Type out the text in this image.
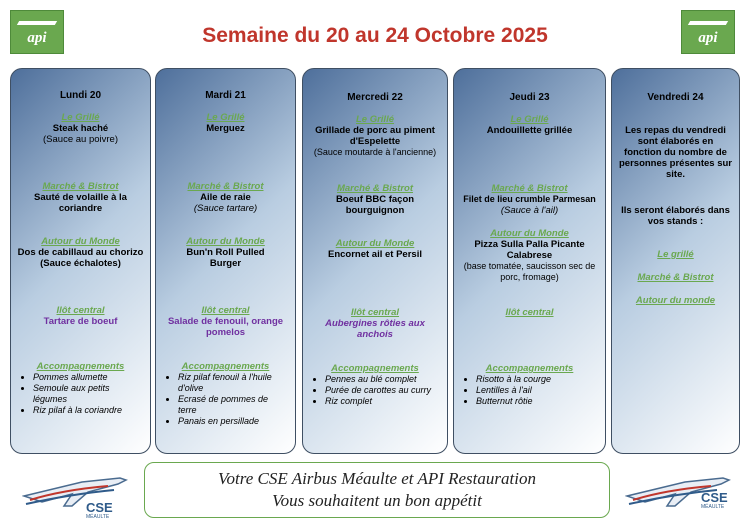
api	api
Semaine du 20 au 24 Octobre 2025
Lundi 20
Le Grillé
Steak haché
(Sauce au poivre)
Marché & Bistrot
Sauté de volaille à la coriandre
Autour du Monde
Dos de cabillaud au chorizo
(Sauce échalotes)
Ilôt central
Tartare de boeuf
Accompagnements
• Pommes allumette
• Semoule aux petits légumes
• Riz pilaf à la coriandre
Mardi 21
Le Grillé
Merguez
Marché & Bistrot
Aile de raie
(Sauce tartare)
Autour du Monde
Bun'n Roll Pulled Burger
Ilôt central
Salade de fenouil, orange pomelos
Accompagnements
• Riz pilaf fenouil à l'huile d'olive
• Ecrasé de pommes de terre
• Panais en persillade
Mercredi 22
Le Grillé
Grillade de porc au piment d'Espelette
(Sauce moutarde à l'ancienne)
Marché & Bistrot
Boeuf BBC façon bourguignon
Autour du Monde
Encornet ail et Persil
Ilôt central
Aubergines rôties aux anchois
Accompagnements
• Pennes au blé complet
• Purée de carottes au curry
• Riz complet
Jeudi 23
Le Grillé
Andouillette grillée
Marché & Bistrot
Filet de lieu crumble Parmesan
(Sauce à l'ail)
Autour du Monde
Pizza Sulla Palla Picante Calabrese
(base tomatée, saucisson sec de porc, fromage)
Ilôt central
Accompagnements
• Risotto à la courge
• Lentilles à l'ail
• Butternut rôtie
Vendredi 24
Les repas du vendredi sont élaborés en fonction du nombre de personnes présentes sur site.
Ils seront élaborés dans vos stands :
Le grillé
Marché & Bistrot
Autour du monde
CSE
MÉAULTE
Votre CSE Airbus Méaulte et API Restauration
Vous souhaitent un bon appétit	CSE
MÉAULTE
